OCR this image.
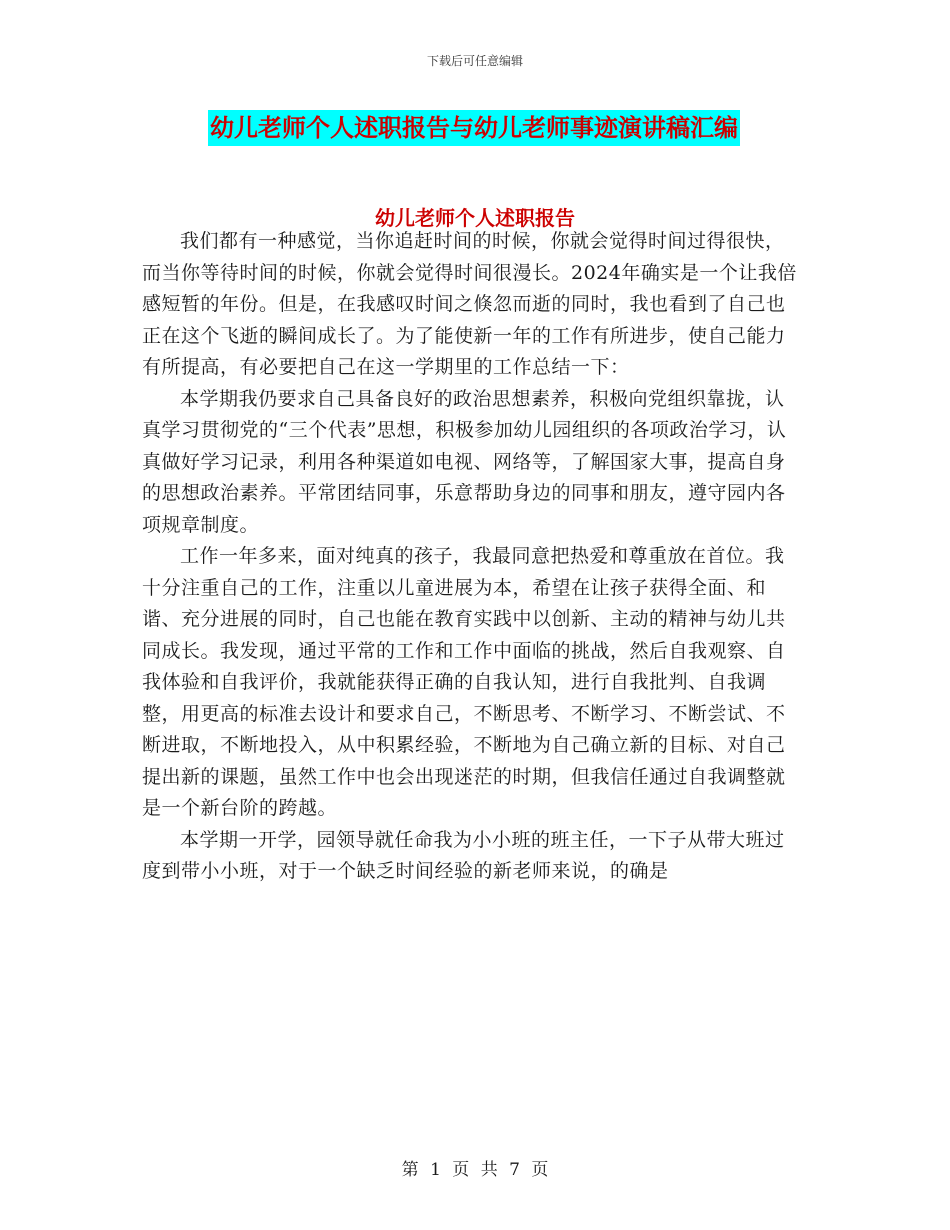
下载后可任意编辑
幼儿老师个人述职报告与幼儿老师事迹演讲稿汇编
幼儿老师个人述职报告

我们都有一种感觉，当你追赶时间的时候，你就会觉得时间过得很快，而当你等待时间的时候，你就会觉得时间很漫长。2024年确实是一个让我倍感短暂的年份。但是，在我感叹时间之倏忽而逝的同时，我也看到了自己也正在这个飞逝的瞬间成长了。为了能使新一年的工作有所进步，使自己能力有所提高，有必要把自己在这一学期里的工作总结一下：

本学期我仍要求自己具备良好的政治思想素养，积极向党组织靠拢，认真学习贯彻党的“三个代表”思想，积极参加幼儿园组织的各项政治学习，认真做好学习记录，利用各种渠道如电视、网络等，了解国家大事，提高自身的思想政治素养。平常团结同事，乐意帮助身边的同事和朋友，遵守园内各项规章制度。

工作一年多来，面对纯真的孩子，我最同意把热爱和尊重放在首位。我十分注重自己的工作，注重以儿童进展为本，希望在让孩子获得全面、和谐、充分进展的同时，自己也能在教育实践中以创新、主动的精神与幼儿共同成长。我发现，通过平常的工作和工作中面临的挑战，然后自我观察、自我体验和自我评价，我就能获得正确的自我认知，进行自我批判、自我调整，用更高的标准去设计和要求自己，不断思考、不断学习、不断尝试、不断进取，不断地投入，从中积累经验，不断地为自己确立新的目标、对自己提出新的课题，虽然工作中也会出现迷茫的时期，但我信任通过自我调整就是一个新台阶的跨越。

本学期一开学，园领导就任命我为小小班的班主任，一下子从带大班过度到带小小班，对于一个缺乏时间经验的新老师来说，的确是

第 1 页 共 7 页
